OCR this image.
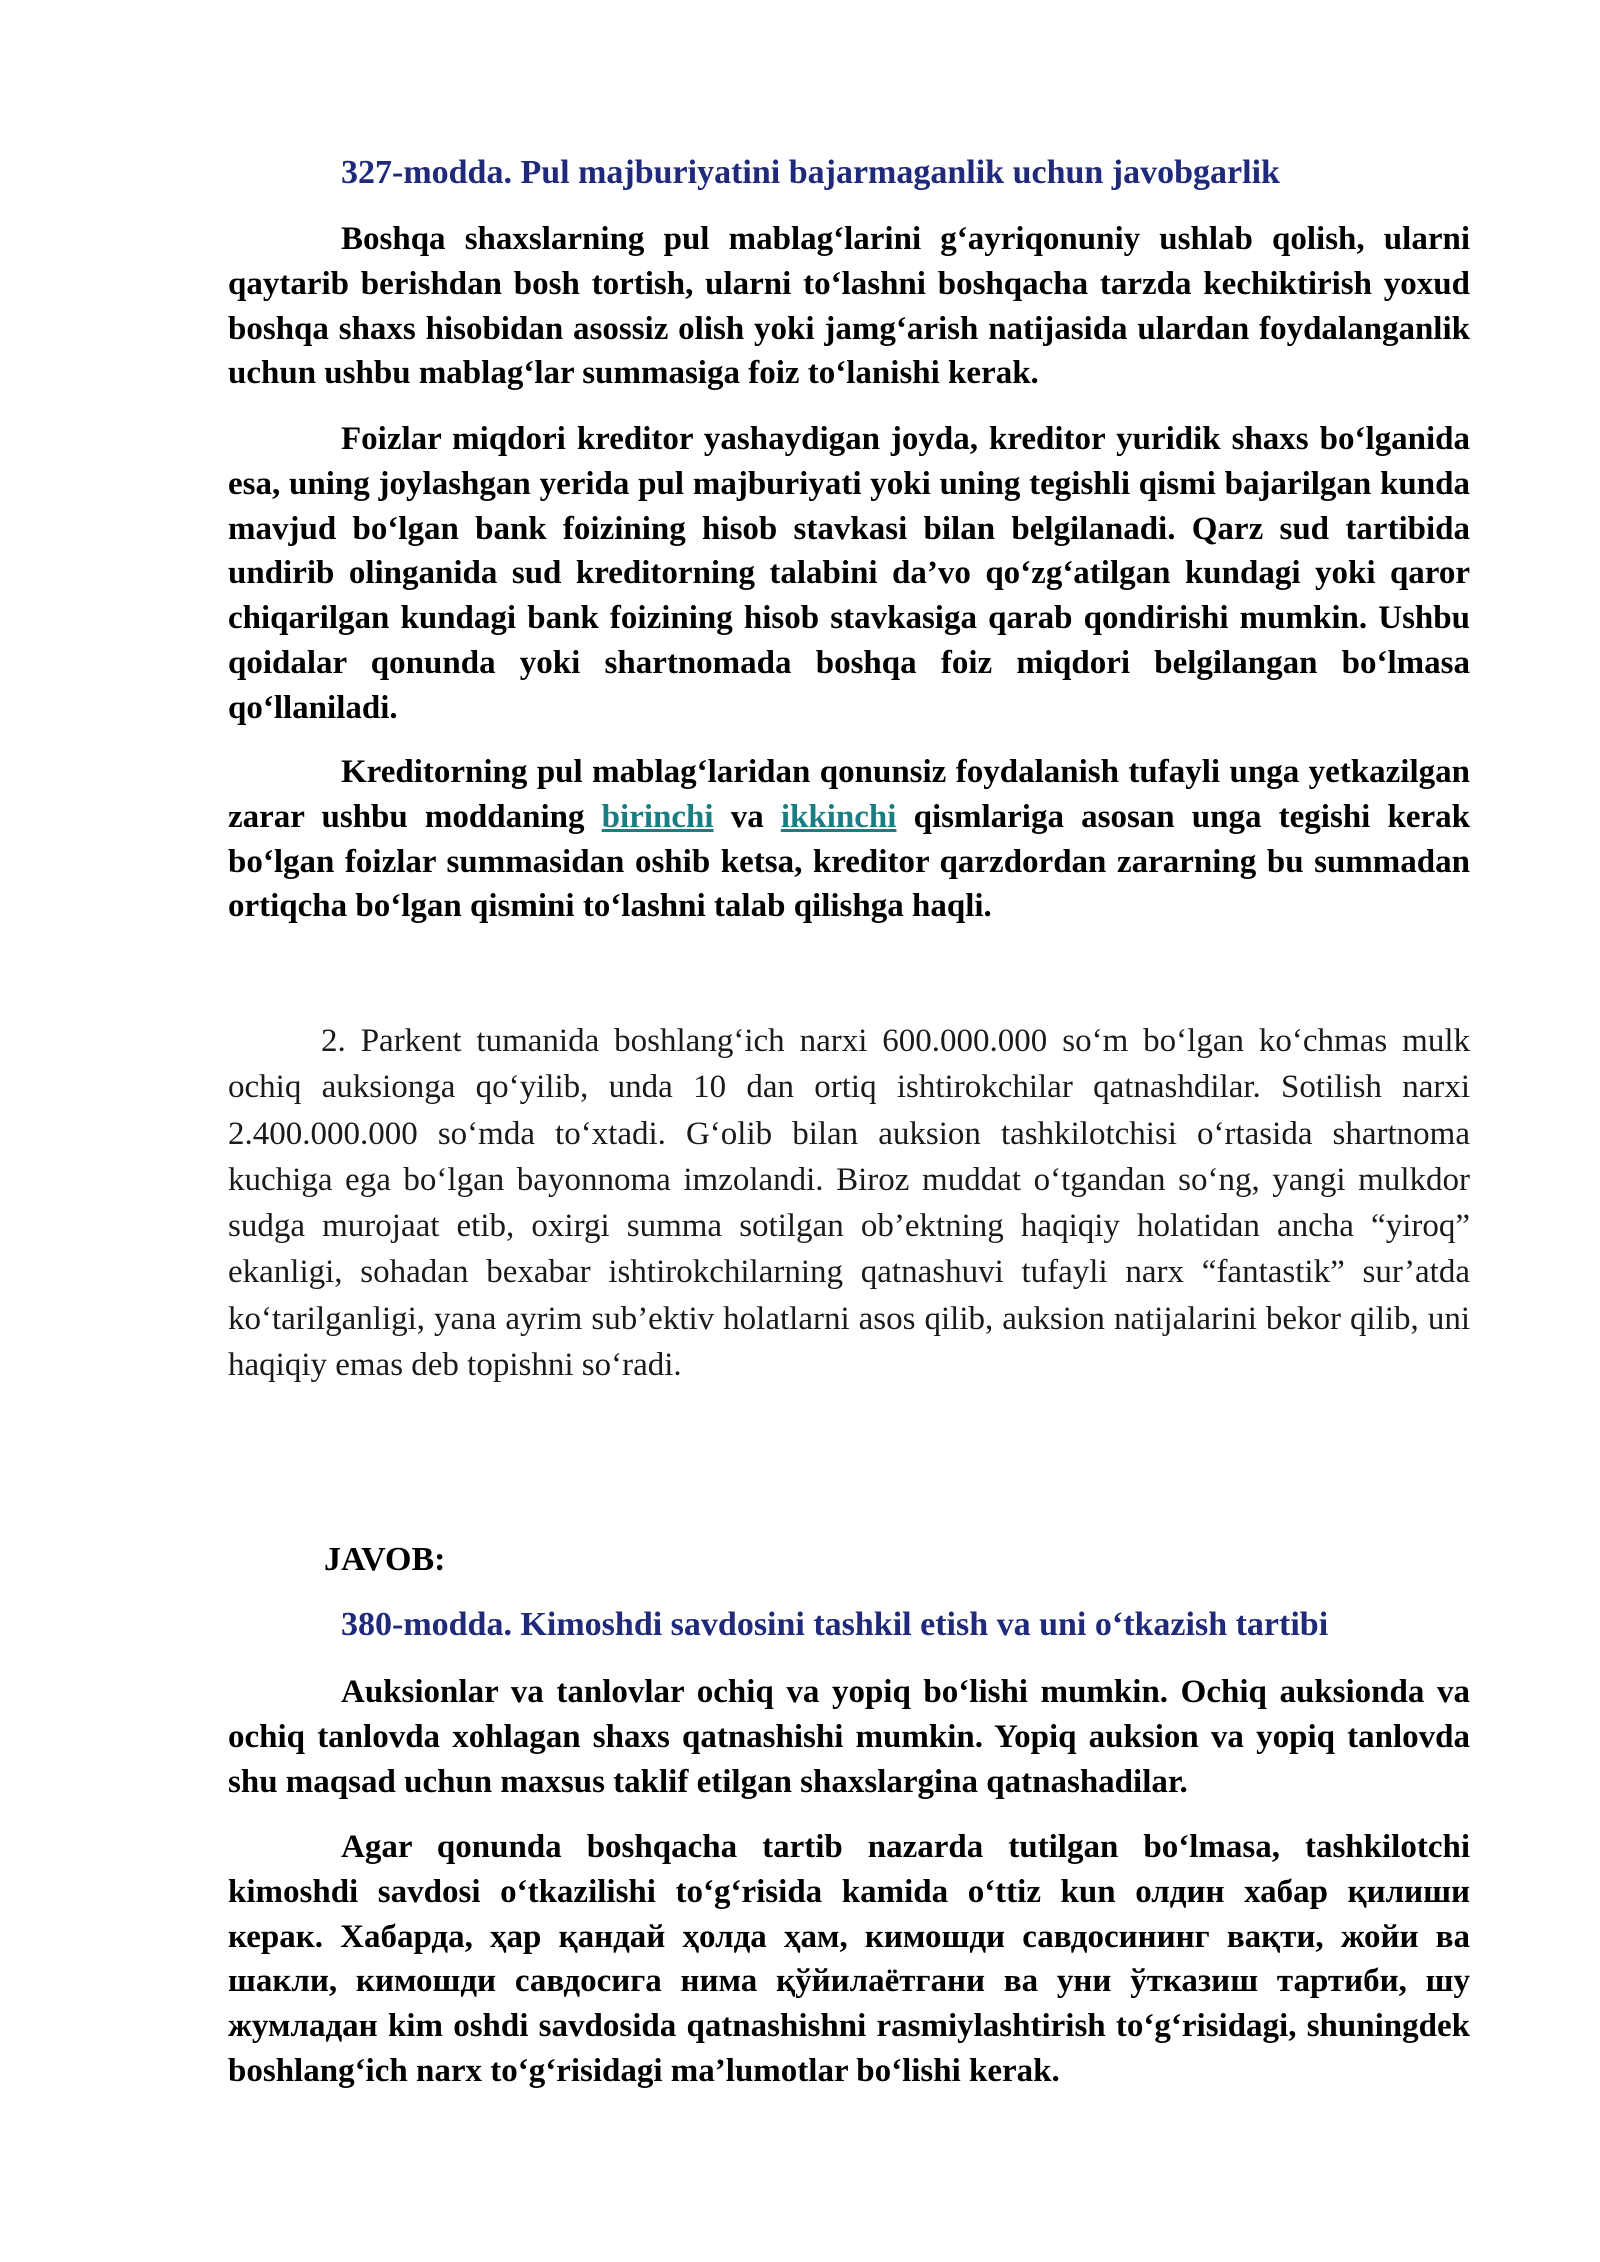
327-modda. Pul majburiyatini bajarmaganlik uchun javobgarlik

Boshqa shaxslarning pul mablag‘larini g‘ayriqonuniy ushlab qolish, ularni qaytarib berishdan bosh tortish, ularni to‘lashni boshqacha tarzda kechiktirish yoxud boshqa shaxs hisobidan asossiz olish yoki jamg‘arish natijasida ulardan foydalanganlik uchun ushbu mablag‘lar summasiga foiz to‘lanishi kerak.

Foizlar miqdori kreditor yashaydigan joyda, kreditor yuridik shaxs bo‘lganida esa, uning joylashgan yerida pul majburiyati yoki uning tegishli qismi bajarilgan kunda mavjud bo‘lgan bank foizining hisob stavkasi bilan belgilanadi. Qarz sud tartibida undirib olinganida sud kreditorning talabini da’vo qo‘zg‘atilgan kundagi yoki qaror chiqarilgan kundagi bank foizining hisob stavkasiga qarab qondirishi mumkin. Ushbu qoidalar qonunda yoki shartnomada boshqa foiz miqdori belgilangan bo‘lmasa qo‘llaniladi.

Kreditorning pul mablag‘laridan qonunsiz foydalanish tufayli unga yetkazilgan zarar ushbu moddaning birinchi va ikkinchi qismlariga asosan unga tegishi kerak bo‘lgan foizlar summasidan oshib ketsa, kreditor qarzdordan zararning bu summadan ortiqcha bo‘lgan qismini to‘lashni talab qilishga haqli.

2. Parkent tumanida boshlang‘ich narxi 600.000.000 so‘m bo‘lgan ko‘chmas mulk ochiq auksionga qo‘yilib, unda 10 dan ortiq ishtirokchilar qatnashdilar. Sotilish narxi 2.400.000.000 so‘mda to‘xtadi. G‘olib bilan auksion tashkilotchisi o‘rtasida shartnoma kuchiga ega bo‘lgan bayonnoma imzolandi. Biroz muddat o‘tgandan so‘ng, yangi mulkdor sudga murojaat etib, oxirgi summa sotilgan ob’ektning haqiqiy holatidan ancha “yiroq” ekanligi, sohadan bexabar ishtirokchilarning qatnashuvi tufayli narx “fantastik” sur’atda ko‘tarilganligi, yana ayrim sub’ektiv holatlarni asos qilib, auksion natijalarini bekor qilib, uni haqiqiy emas deb topishni so‘radi.

JAVOB:
380-modda. Kimoshdi savdosini tashkil etish va uni o‘tkazish tartibi

Auksionlar va tanlovlar ochiq va yopiq bo‘lishi mumkin. Ochiq auksionda va ochiq tanlovda xohlagan shaxs qatnashishi mumkin. Yopiq auksion va yopiq tanlovda shu maqsad uchun maxsus taklif etilgan shaxslargina qatnashadilar.

Agar qonunda boshqacha tartib nazarda tutilgan bo‘lmasa, tashkilotchi kimoshdi savdosi o‘tkazilishi to‘g‘risida kamida o‘ttiz kun олдин хабар қилиши керак. Хабарда, ҳар қандай ҳолда ҳам, кимошди савдосининг вақти, жойи ва шакли, кимошди савдосига нима қўйилаётгани ва уни ўтказиш тартиби, шу жумладан kim oshdi savdosida qatnashishni rasmiylashtirish to‘g‘risidagi, shuningdek boshlang‘ich narx to‘g‘risidagi ma’lumotlar bo‘lishi kerak.
